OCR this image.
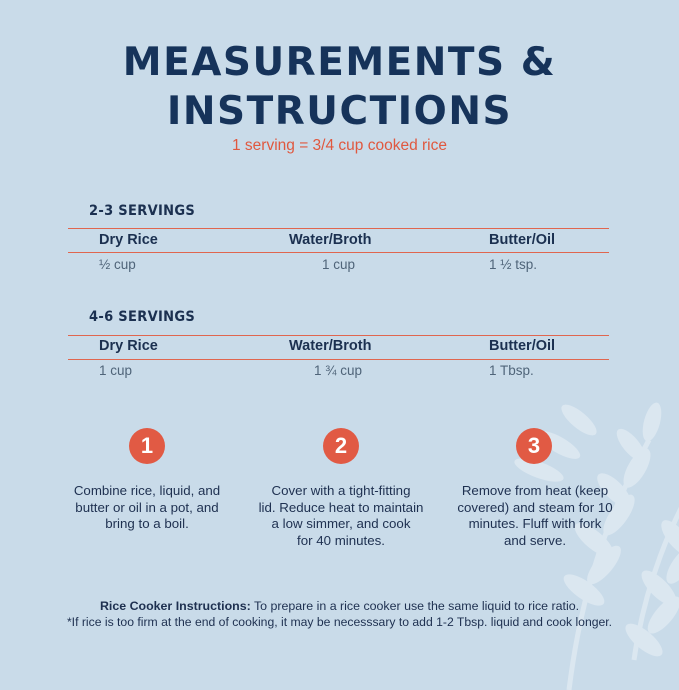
MEASUREMENTS &
INSTRUCTIONS
1 serving = 3/4 cup cooked rice
2-3 SERVINGS
Dry Rice	Water/Broth	Butter/Oil
½ cup	1 cup	1 ½ tsp.
4-6 SERVINGS
Dry Rice	Water/Broth	Butter/Oil
1 cup	1 ¾ cup	1 Tbsp.
1	2	3
Combine rice, liquid, and
butter or oil in a pot, and
bring to a boil.
Cover with a tight-fitting
lid. Reduce heat to maintain
a low simmer, and cook
for 40 minutes.
Remove from heat (keep
covered) and steam for 10
minutes. Fluff with fork
and serve.
Rice Cooker Instructions: To prepare in a rice cooker use the same liquid to rice ratio.
*If rice is too firm at the end of cooking, it may be necesssary to add 1-2 Tbsp. liquid and cook longer.
